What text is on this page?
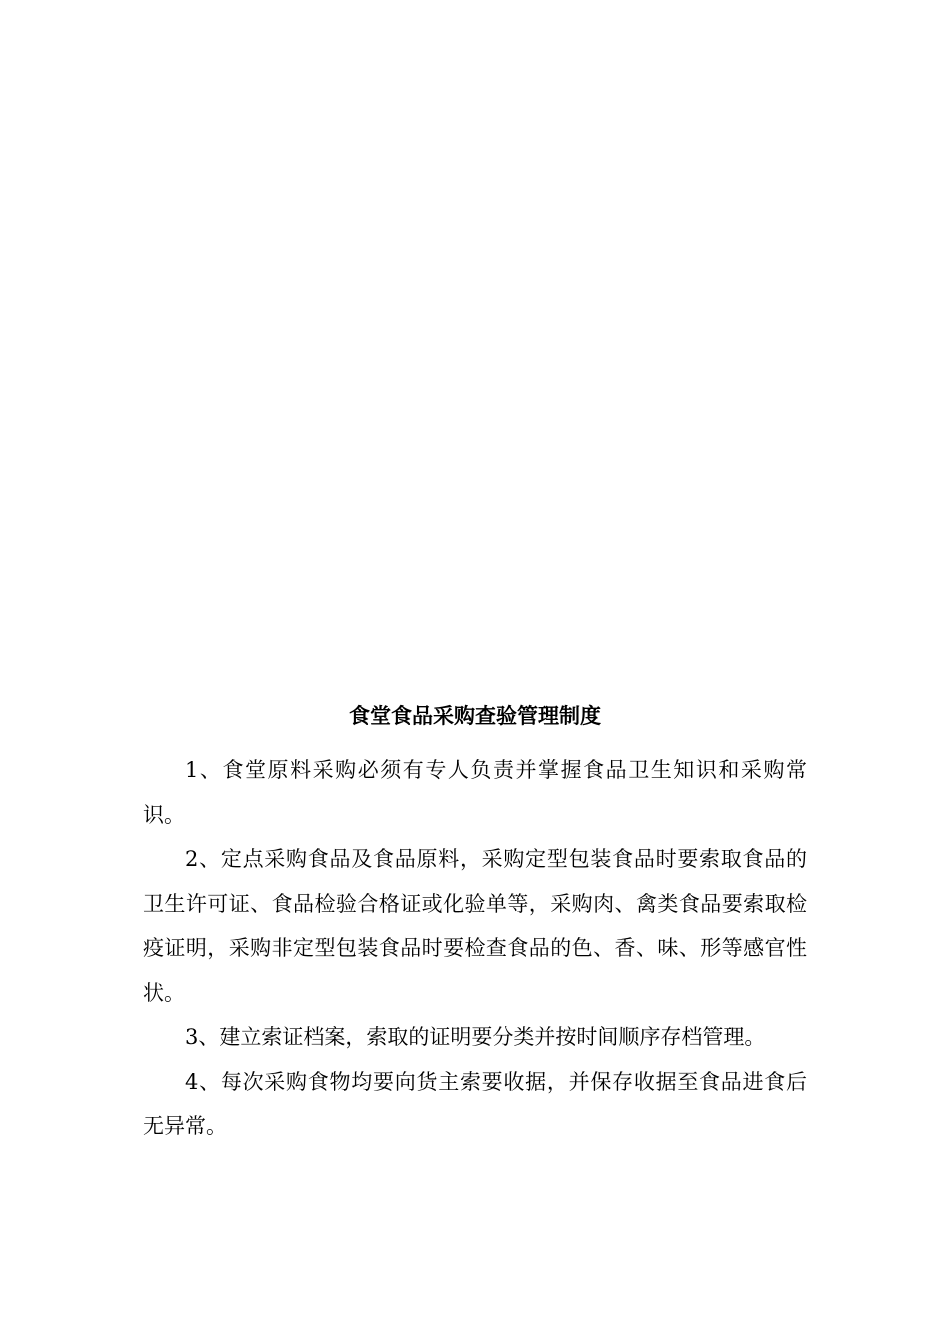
食堂食品采购查验管理制度

1、食堂原料采购必须有专人负责并掌握食品卫生知识和采购常识。

2、定点采购食品及食品原料，采购定型包装食品时要索取食品的卫生许可证、食品检验合格证或化验单等，采购肉、禽类食品要索取检疫证明，采购非定型包装食品时要检查食品的色、香、味、形等感官性状。

3、建立索证档案，索取的证明要分类并按时间顺序存档管理。

4、每次采购食物均要向货主索要收据，并保存收据至食品进食后无异常。
